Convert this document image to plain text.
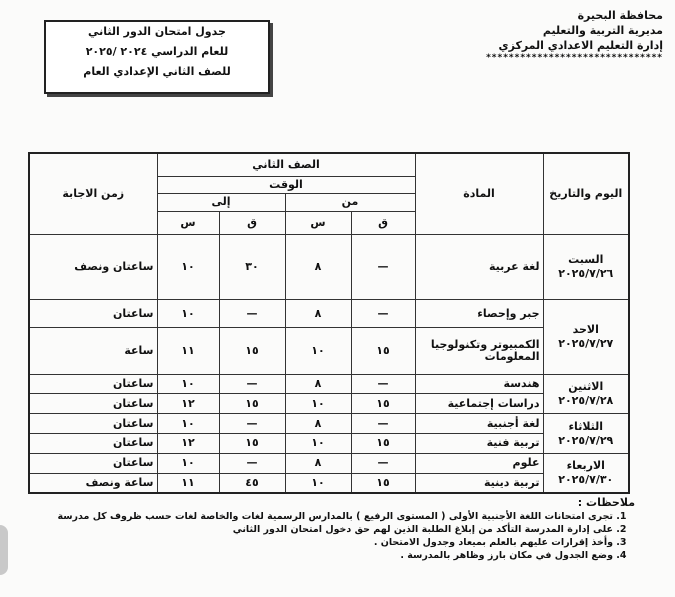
محافظة البحيرة
مديرية التربية والتعليم
إدارة التعليم الاعدادي المركزي
*******************************
جدول امتحان الدور الثاني
للعام الدراسي ٢٠٢٤ /٢٠٢٥
للصف الثاني الإعدادي العام
اليوم والتاريخ	المادة	الصف الثاني				زمن الاجابة
		الوقت				
		من		إلى		
		ق	س	ق	س	
السبت
٢٠٢٥/٧/٢٦	لغة عربية	—	٨	٣٠	١٠	ساعتان ونصف
الاحد
٢٠٢٥/٧/٢٧	جبر وإحصاء	—	٨	—	١٠	ساعتان
	الكمبيوتر وتكنولوجيا المعلومات	١٥	١٠	١٥	١١	ساعة
الاثنين
٢٠٢٥/٧/٢٨	هندسة	—	٨	—	١٠	ساعتان
	دراسات إجتماعية	١٥	١٠	١٥	١٢	ساعتان
الثلاثاء
٢٠٢٥/٧/٢٩	لغة أجنبية	—	٨	—	١٠	ساعتان
	تربية فنية	١٥	١٠	١٥	١٢	ساعتان
الاربعاء
٢٠٢٥/٧/٣٠	علوم	—	٨	—	١٠	ساعتان
	تربية دينية	١٥	١٠	٤٥	١١	ساعة ونصف
ملاحظات :
1. تجرى امتحانات اللغة الأجنبية الأولى ( المستوى الرفيع ) بالمدارس الرسمية لغات والخاصة لغات حسب ظروف كل مدرسة
2. على إدارة المدرسة التأكد من إبلاغ الطلبة الذين لهم حق دخول امتحان الدور الثاني
3. وأخذ إقرارات عليهم بالعلم بميعاد وجدول الامتحان .
4. وضع الجدول في مكان بارز وظاهر بالمدرسة .
